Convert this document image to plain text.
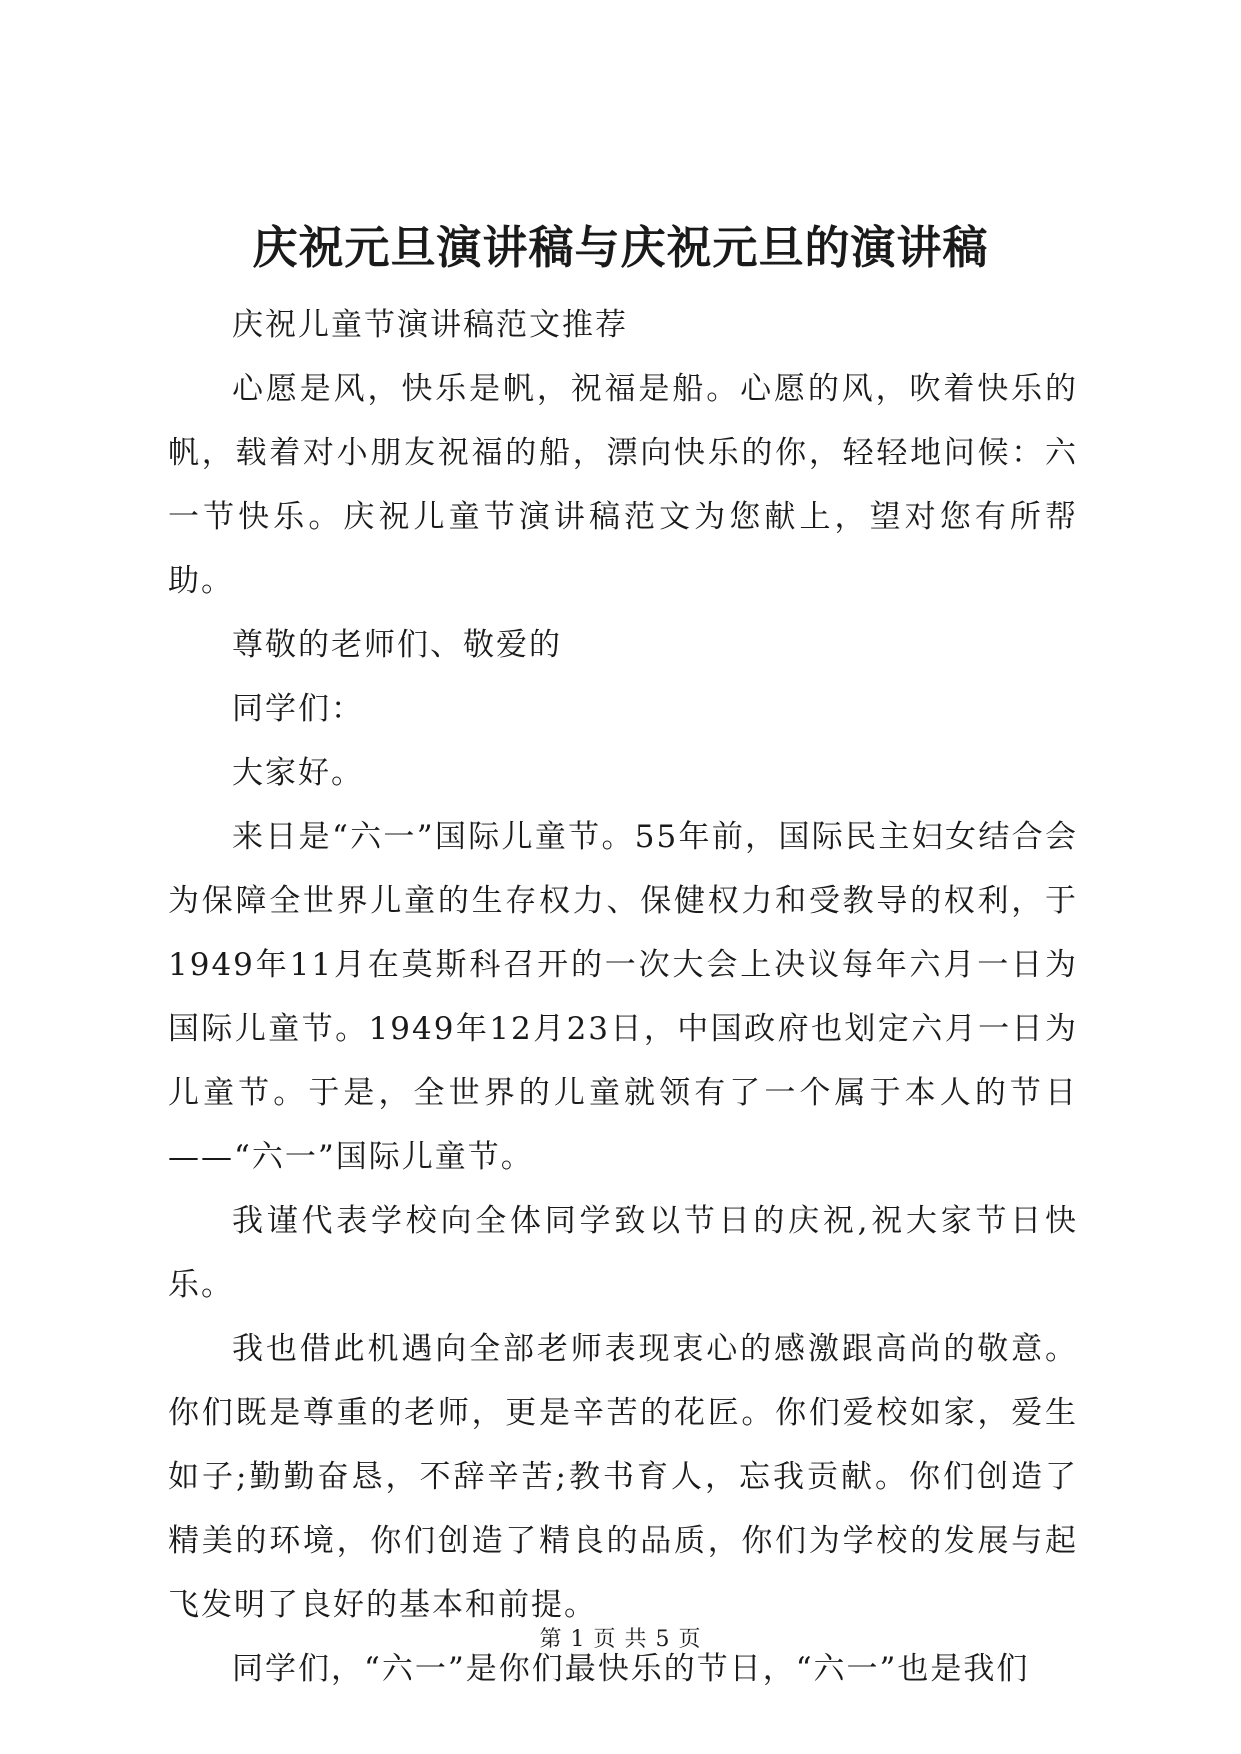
庆祝元旦演讲稿与庆祝元旦的演讲稿

庆祝儿童节演讲稿范文推荐

心愿是风，快乐是帆，祝福是船。心愿的风，吹着快乐的帆，载着对小朋友祝福的船，漂向快乐的你，轻轻地问候：六一节快乐。庆祝儿童节演讲稿范文为您献上，望对您有所帮助。

尊敬的老师们、敬爱的

同学们：

大家好。

来日是“六一”国际儿童节。55年前，国际民主妇女结合会为保障全世界儿童的生存权力、保健权力和受教导的权利，于1949年11月在莫斯科召开的一次大会上决议每年六月一日为国际儿童节。1949年12月23日，中国政府也划定六月一日为儿童节。于是，全世界的儿童就领有了一个属于本人的节日——“六一”国际儿童节。

我谨代表学校向全体同学致以节日的庆祝,祝大家节日快乐。

我也借此机遇向全部老师表现衷心的感激跟高尚的敬意。你们既是尊重的老师，更是辛苦的花匠。你们爱校如家，爱生如子;勤勤奋恳，不辞辛苦;教书育人，忘我贡献。你们创造了精美的环境，你们创造了精良的品质，你们为学校的发展与起飞发明了良好的基本和前提。

同学们，“六一”是你们最快乐的节日，“六一”也是我们

第 1 页 共 5 页
